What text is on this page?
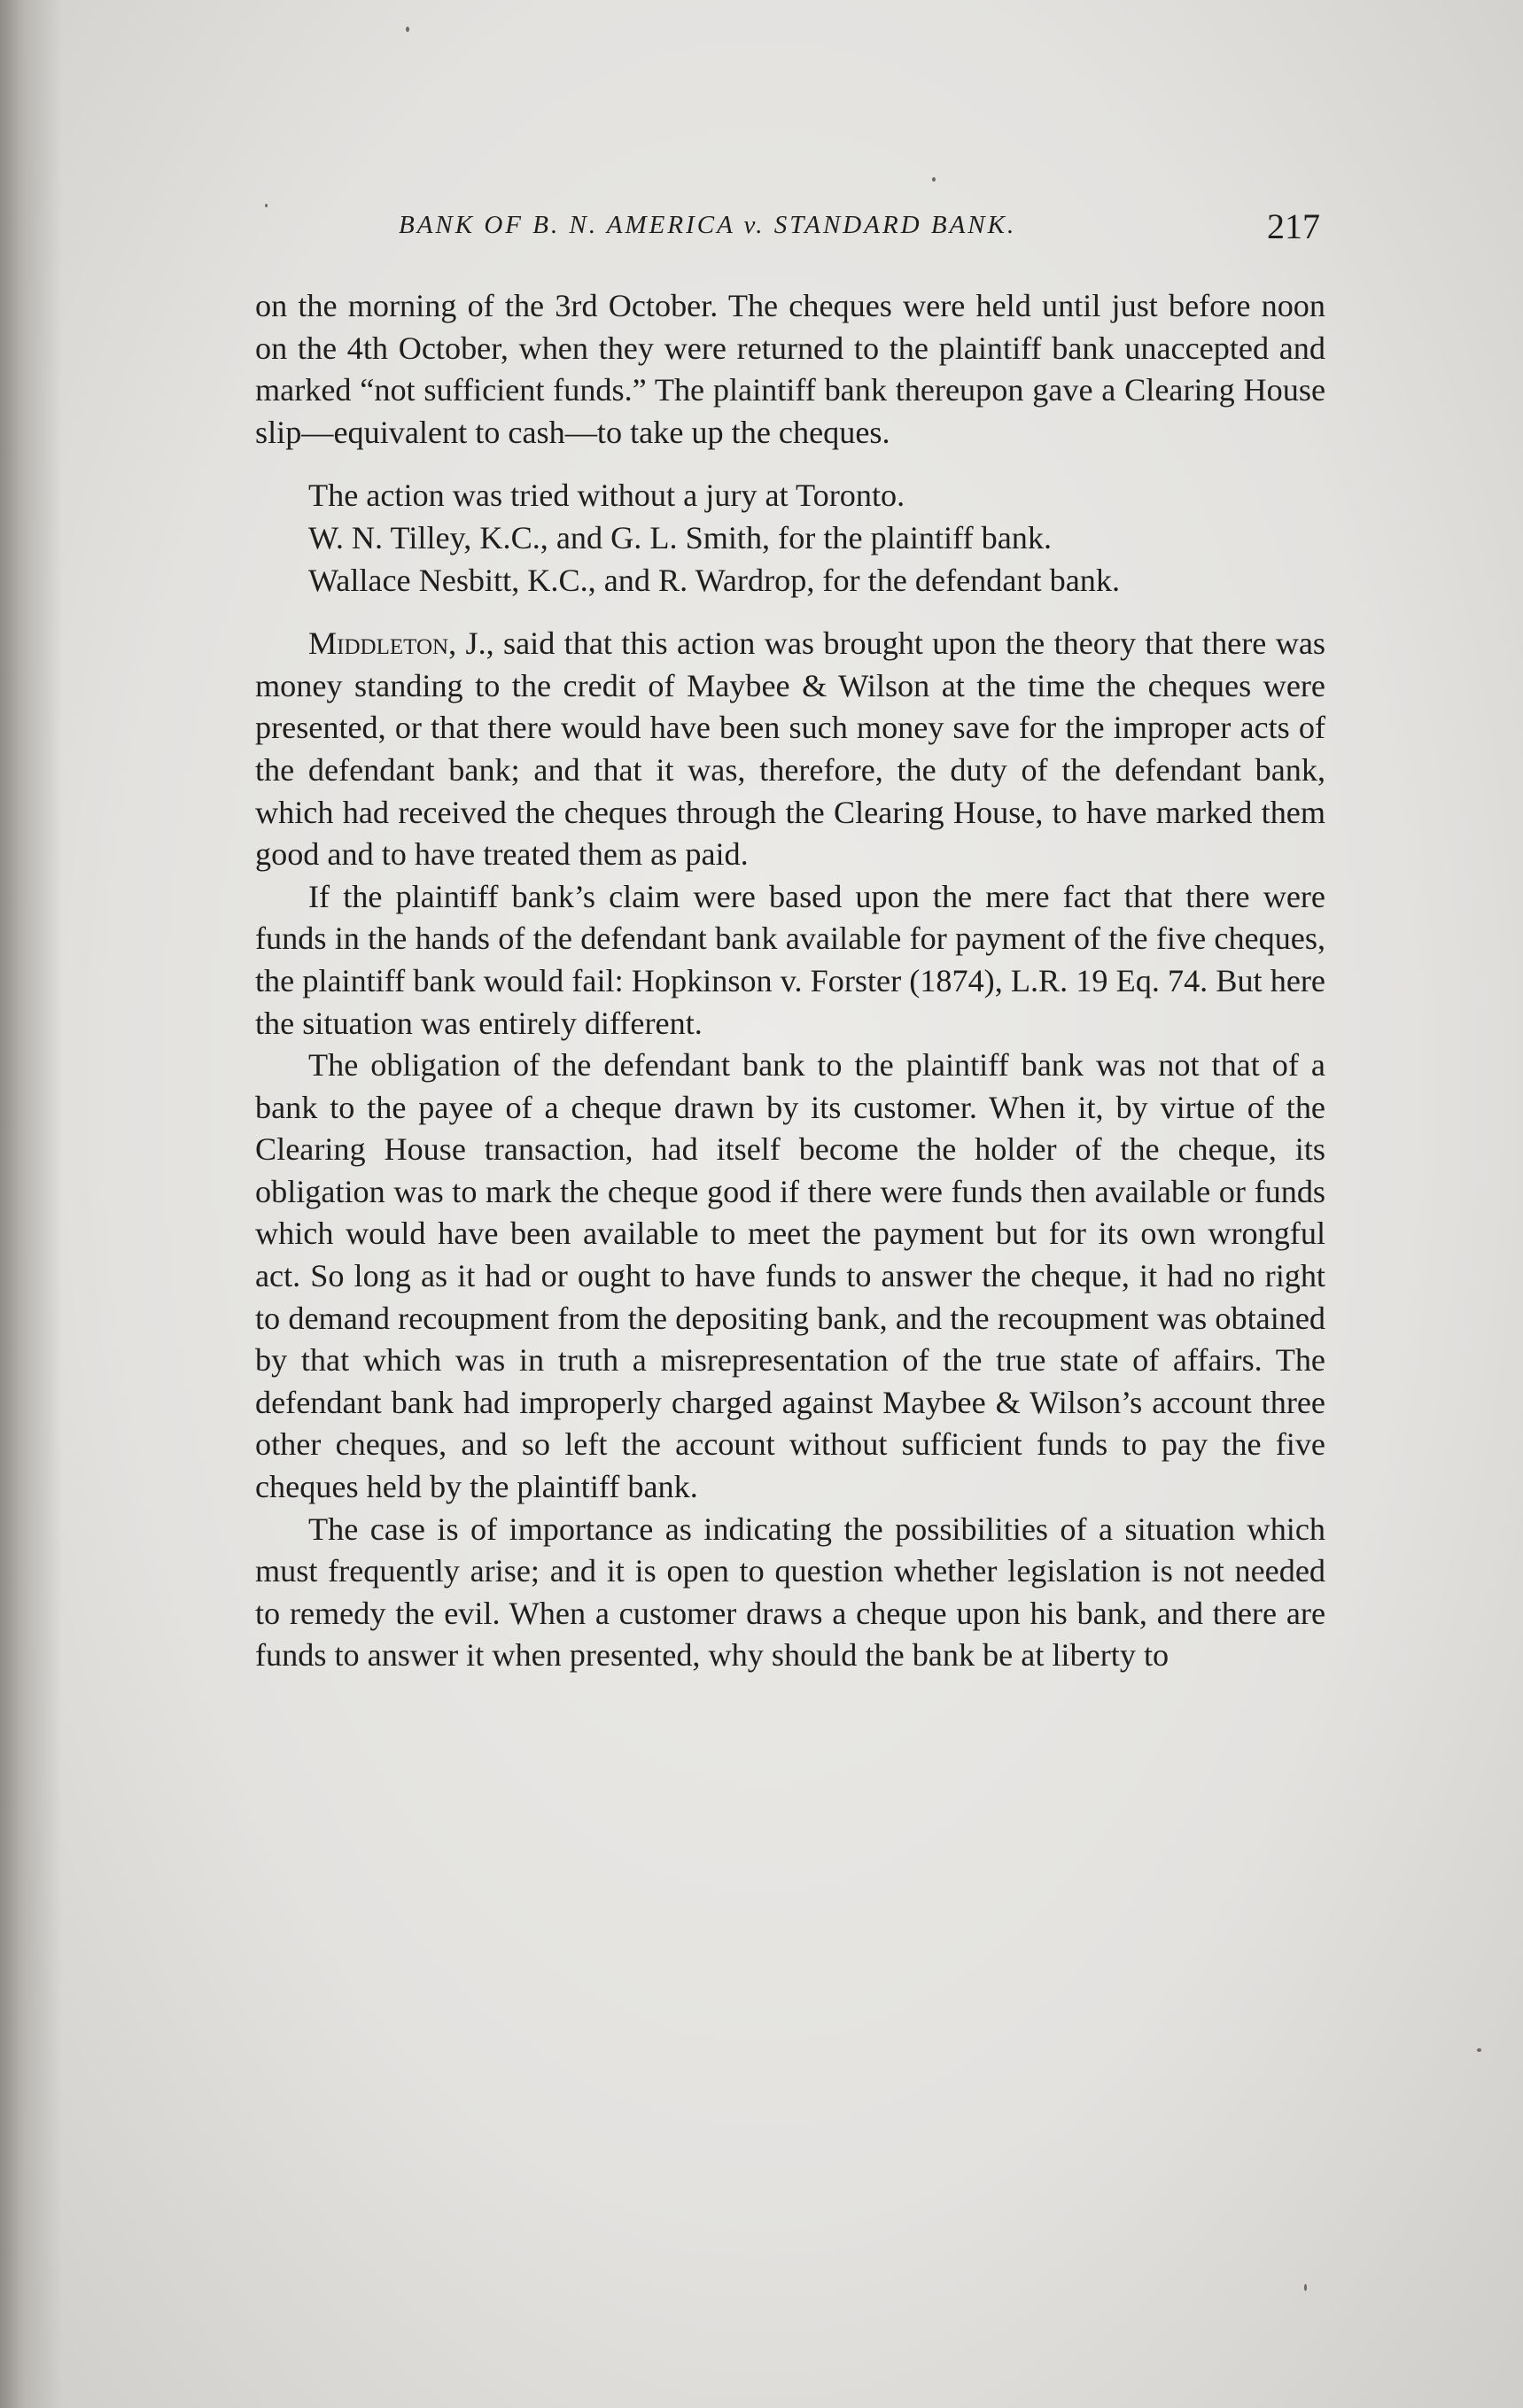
BANK OF B. N. AMERICA v. STANDARD BANK.	217

on the morning of the 3rd October. The cheques were held until just before noon on the 4th October, when they were returned to the plaintiff bank unaccepted and marked “not sufficient funds.” The plaintiff bank thereupon gave a Clearing House slip—equivalent to cash—to take up the cheques.

The action was tried without a jury at Toronto.

W. N. Tilley, K.C., and G. L. Smith, for the plaintiff bank.

Wallace Nesbitt, K.C., and R. Wardrop, for the defendant bank.

Middleton, J., said that this action was brought upon the theory that there was money standing to the credit of Maybee & Wilson at the time the cheques were presented, or that there would have been such money save for the improper acts of the defendant bank; and that it was, therefore, the duty of the defendant bank, which had received the cheques through the Clearing House, to have marked them good and to have treated them as paid.

If the plaintiff bank’s claim were based upon the mere fact that there were funds in the hands of the defendant bank available for payment of the five cheques, the plaintiff bank would fail: Hopkinson v. Forster (1874), L.R. 19 Eq. 74. But here the situation was entirely different.

The obligation of the defendant bank to the plaintiff bank was not that of a bank to the payee of a cheque drawn by its customer. When it, by virtue of the Clearing House transaction, had itself become the holder of the cheque, its obligation was to mark the cheque good if there were funds then available or funds which would have been available to meet the payment but for its own wrongful act. So long as it had or ought to have funds to answer the cheque, it had no right to demand recoupment from the depositing bank, and the recoupment was obtained by that which was in truth a misrepresentation of the true state of affairs. The defendant bank had improperly charged against Maybee & Wilson’s account three other cheques, and so left the account without sufficient funds to pay the five cheques held by the plaintiff bank.

The case is of importance as indicating the possibilities of a situation which must frequently arise; and it is open to question whether legislation is not needed to remedy the evil. When a customer draws a cheque upon his bank, and there are funds to answer it when presented, why should the bank be at liberty to
